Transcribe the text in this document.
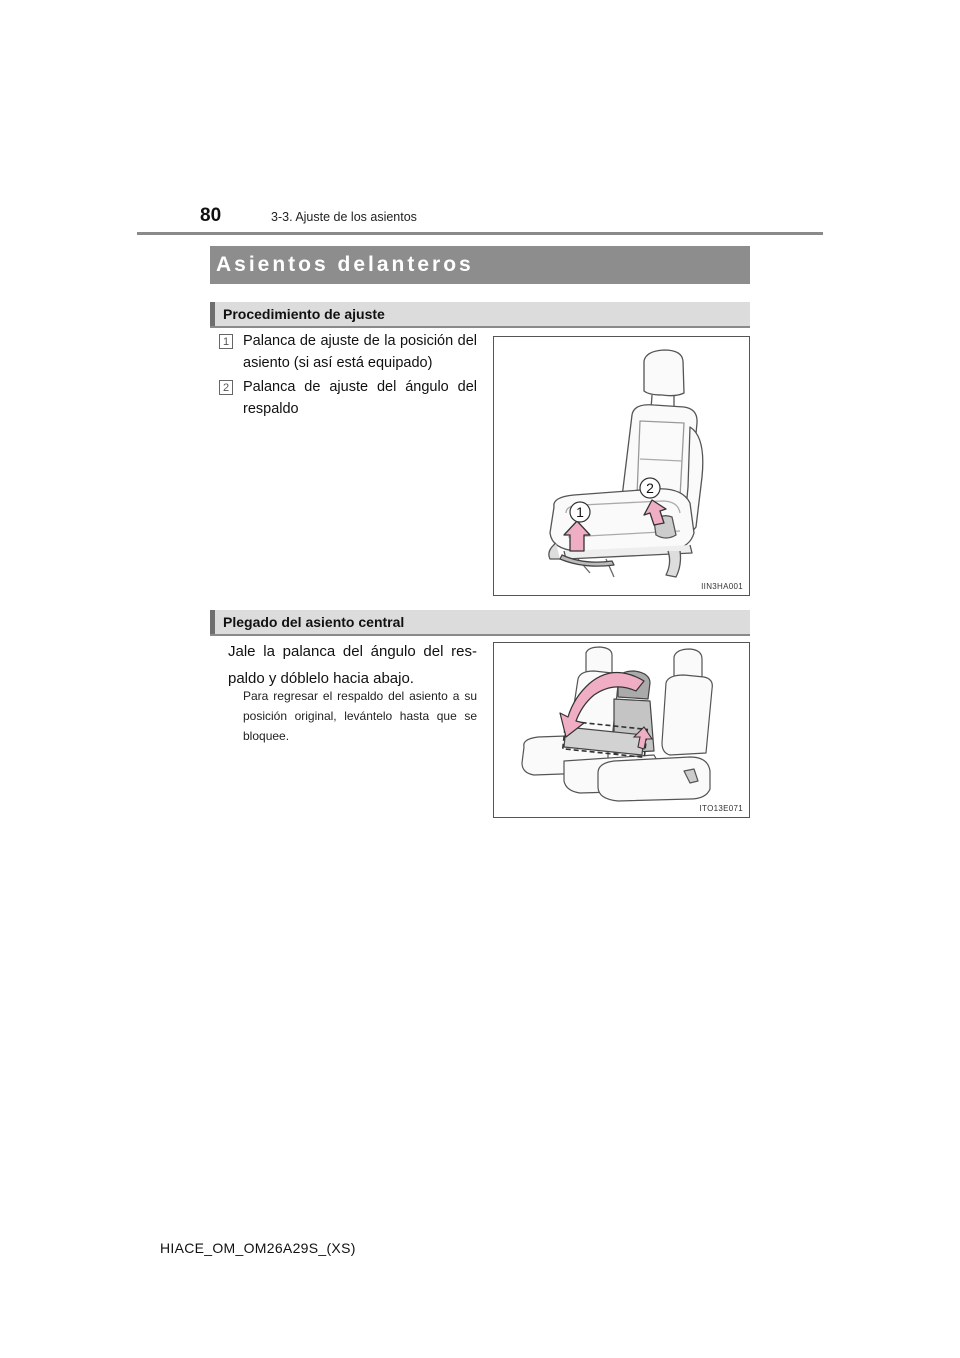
80	3-3. Ajuste de los asientos
Asientos delanteros
Procedimiento de ajuste
1 Palanca de ajuste de la posición del asiento (si así está equipado)
2 Palanca de ajuste del ángulo del respaldo
1
2
IIN3HA001
Plegado del asiento central
Jale la palanca del ángulo del res- paldo y dóblelo hacia abajo.
Para regresar el respaldo del asiento a su posición original, levántelo hasta que se bloquee.
ITO13E071
HIACE_OM_OM26A29S_(XS)
